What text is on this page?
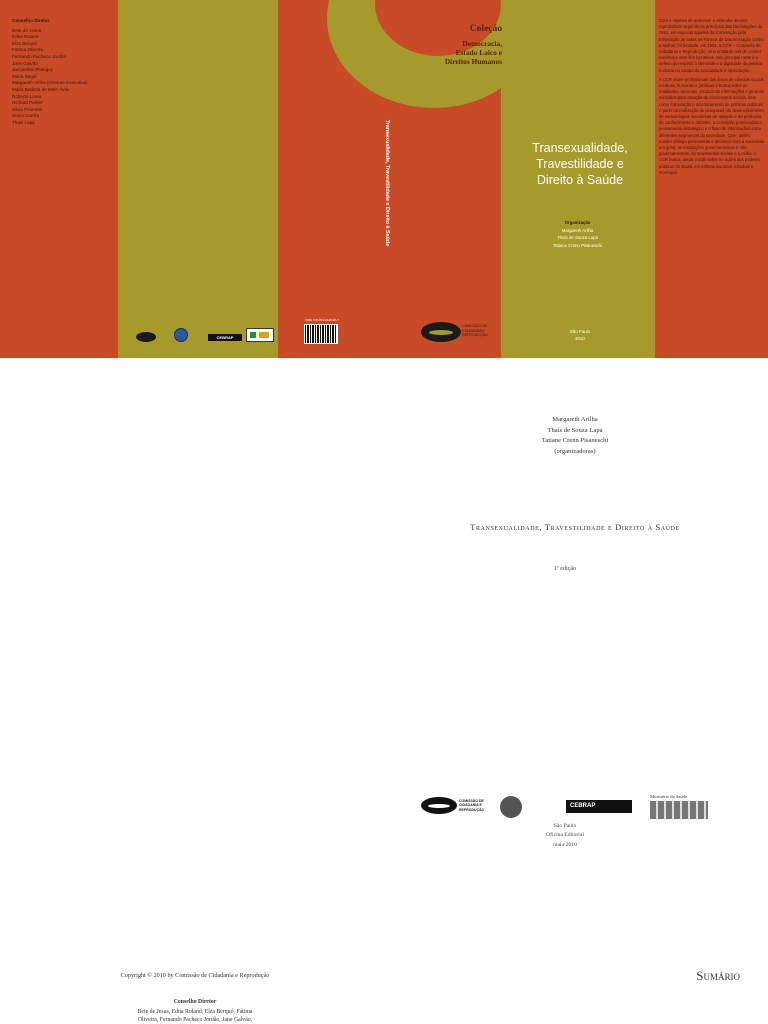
Conselho Diretor
Bete de Jesus
Edna Roland
Elza Berquó
Fatima Oliveira
Fernando Pacheco Jordão
Jane Galvão
Jacqueline Pitanguy
Maria Segal
Margareth Arilha (Diretora Executiva)
Maria Betânia de Melo Ávila
Roberto Lorea
Richard Parker
Silvia Pimentel
Sonia Corrêa
Thais Lapa
CEBRAP

Com o objetivo de promover e defender direitos reprodutivos segundo os princípios das Declarações da ONU, em especial aqueles da Convenção pela Eliminação de todas as Formas de Discriminação contra a Mulher, foi fundada, em 1991, a CCR – Comissão de Cidadania e Reprodução, uma entidade civil de caráter nacional e sem fins lucrativos. Seu principal norte é a defesa do respeito à liberdade e à dignidade da pessoa humana no campo da sexualidade e reprodução.

A CCR reúne profissionais das áreas de ciências sociais, médicas, humanas e jurídicas e busca sobre as realidades nacionais, produzindo informações e gerando subsídios para atuação de movimentos sociais, bem como formulação e monitoramento de políticas públicas. A partir da realização de pesquisas, do desenvolvimento de metodologias inovadoras de atuação e da produção de conhecimento e debates, a Comissão potencializa o pensamento estratégico e o fluxo de informações entre diferentes segmentos da sociedade. Quer, assim, manter diálogo permanente e dinâmico com a sociedade em geral, as instituições governamentais e não governamentais, os movimentos sociais e a mídia. A CCR busca, ainda, incidir sobre as ações dos poderes públicos no Brasil, em esferas nacional, estadual e municipal.

Coleção
Democracia,
Estado Laico e
Direitos Humanos
Transexualidade, Travestilidade e Direito à Saúde
ISBN 978-85-62448-00-7
COMISSÃO DE CIDADANIA E REPRODUÇÃO
Transexualidade,
Travestilidade e
Direito à Saúde
Organização
Margareth Arilha
Thaís de Souza Lapa
Tatiane Crenn Pisaneschi
São Paulo
2010
Margareth Arilha
Thaís de Souza Lapa
Tatiane Crenn Pisaneschi
(organizadoras)
Transexualidade, Travestilidade e Direito à Saúde
1ª edição
COMISSÃO DE CIDADANIA E REPRODUÇÃO
CEBRAP
Ministério da Saúde
São Paulo
Oficina Editorial
maio 2010
Copyright © 2010 by Comissão de Cidadania e Reprodução
Conselho Diretor
Bete de Jesus, Edna Roland, Elza Berquó, Fátima
Oliveira, Fernando Pacheco Jordão, Jane Galvão,
Sumário
